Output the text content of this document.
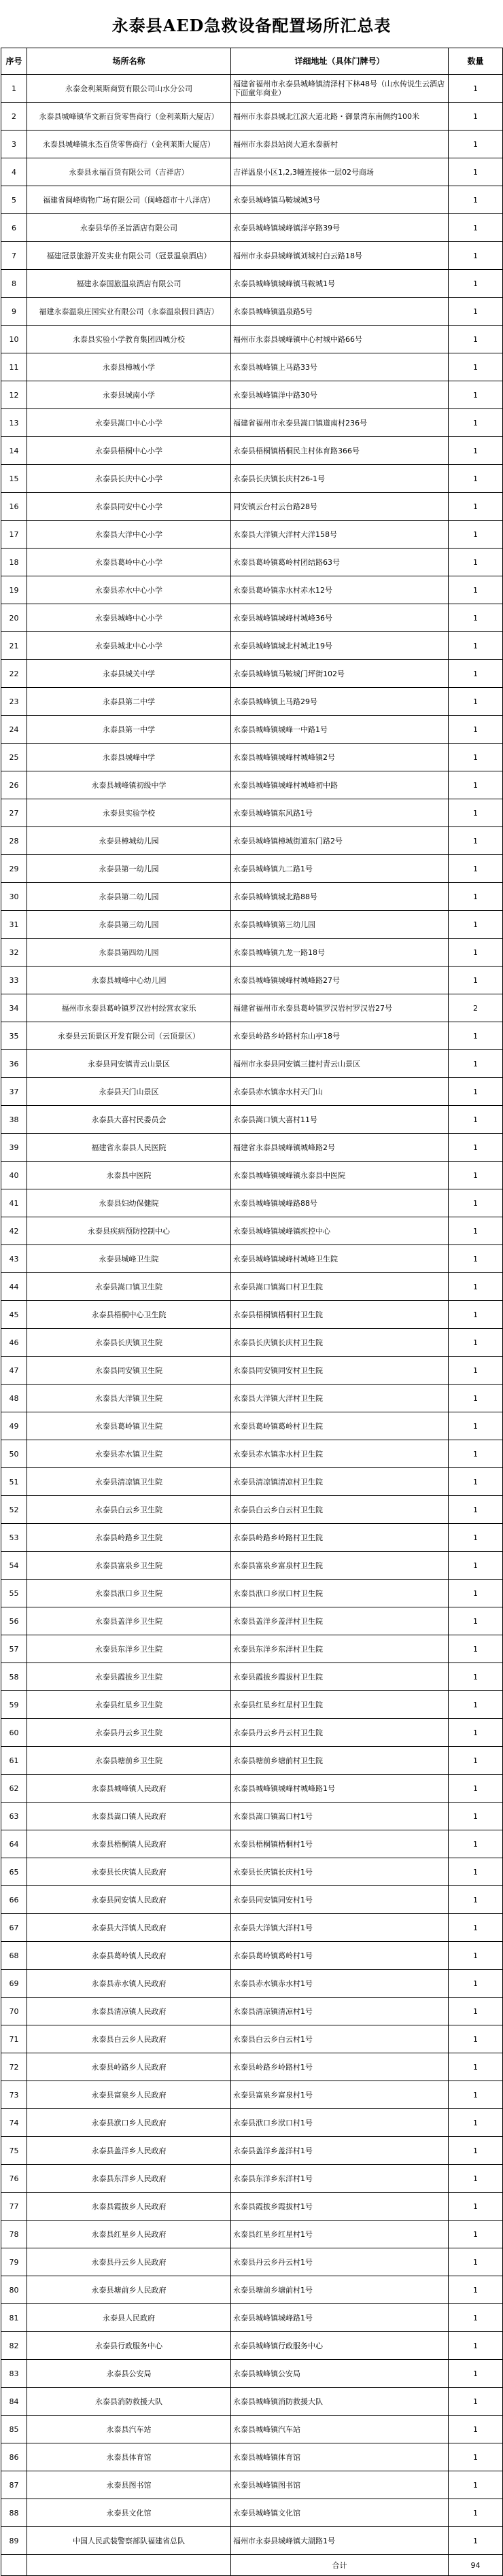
永泰县AED急救设备配置场所汇总表
序号	场所名称	详细地址（具体门牌号）	数量
1	永泰金利莱斯商贸有限公司山水分公司	福建省福州市永泰县城峰镇清泽村下林48号（山水传说生云酒店下面童年商业）	1
2	永泰县城峰镇华文新百货零售商行（金利莱斯大厦店）	福州市永泰县城北江滨大道北路・御景湾东南侧约100米	1
3	永泰县城峰镇永杰百货零售商行（金利莱斯大厦店）	福州市永泰县站岗大道永泰新村	1
4	永泰县永福百货有限公司（吉祥店）	吉祥温泉小区1,2,3幢连接体一层02号商场	1
5	福建省闽峰购物广场有限公司（闽峰超市十八洋店）	永泰县城峰镇马鞍城城3号	1
6	永泰县华侨圣旨酒店有限公司	永泰县城峰镇城峰镇洋亭路39号	1
7	福建冠景旅游开发实业有限公司（冠景温泉酒店）	福州市永泰县城峰镇刘城村白云路18号	1
8	福建永泰国旅温泉酒店有限公司	永泰县城峰镇城峰镇马鞍城1号	1
9	福建永泰温泉庄园实业有限公司（永泰温泉假日酒店）	永泰县城峰镇温泉路5号	1
10	永泰县实验小学教育集团四城分校	福州市永泰县城峰镇中心村城中路66号	1
11	永泰县樟城小学	永泰县城峰镇上马路33号	1
12	永泰县城南小学	永泰县城峰镇洋中路30号	1
13	永泰县嵩口中心小学	福建省福州市永泰县嵩口镇道南村236号	1
14	永泰县梧桐中心小学	永泰县梧桐镇梧桐民主村体育路366号	1
15	永泰县长庆中心小学	永泰县长庆镇长庆村26-1号	1
16	永泰县同安中心小学	同安镇云台村云台路28号	1
17	永泰县大洋中心小学	永泰县大洋镇大洋村大洋158号	1
18	永泰县葛岭中心小学	永泰县葛岭镇葛岭村团结路63号	1
19	永泰县赤水中心小学	永泰县葛岭镇赤水村赤水12号	1
20	永泰县城峰中心小学	永泰县城峰镇城峰村城峰36号	1
21	永泰县城北中心小学	永泰县城峰镇城北村城北19号	1
22	永泰县城关中学	永泰县城峰镇马鞍城门坪街102号	1
23	永泰县第二中学	永泰县城峰镇上马路29号	1
24	永泰县第一中学	永泰县城峰镇城峰一中路1号	1
25	永泰县城峰中学	永泰县城峰镇城峰村城峰镇2号	1
26	永泰县城峰镇初级中学	永泰县城峰镇城峰村城峰初中路	1
27	永泰县实验学校	永泰县城峰镇东风路1号	1
28	永泰县樟城幼儿园	永泰县城峰镇樟城街道东门路2号	1
29	永泰县第一幼儿园	永泰县城峰镇九二路1号	1
30	永泰县第二幼儿园	永泰县城峰镇城北路88号	1
31	永泰县第三幼儿园	永泰县城峰镇第三幼儿园	1
32	永泰县第四幼儿园	永泰县城峰镇九龙一路18号	1
33	永泰县城峰中心幼儿园	永泰县城峰镇城峰村城峰路27号	1
34	福州市永泰县葛岭镇罗汉岩村经营农家乐	福建省福州市永泰县葛岭镇罗汉岩村罗汉岩27号	2
35	永泰县云顶景区开发有限公司（云顶景区）	永泰县岭路乡岭路村东山亭18号	1
36	永泰县同安镇青云山景区	福州市永泰县同安镇三捷村青云山景区	1
37	永泰县天门山景区	永泰县赤水镇赤水村天门山	1
38	永泰县大喜村民委员会	永泰县嵩口镇大喜村11号	1
39	福建省永泰县人民医院	福建省永泰县城峰镇城峰路2号	1
40	永泰县中医院	永泰县城峰镇城峰镇永泰县中医院	1
41	永泰县妇幼保健院	永泰县城峰镇城峰路88号	1
42	永泰县疾病预防控制中心	永泰县城峰镇城峰镇疾控中心	1
43	永泰县城峰卫生院	永泰县城峰镇城峰村城峰卫生院	1
44	永泰县嵩口镇卫生院	永泰县嵩口镇嵩口村卫生院	1
45	永泰县梧桐中心卫生院	永泰县梧桐镇梧桐村卫生院	1
46	永泰县长庆镇卫生院	永泰县长庆镇长庆村卫生院	1
47	永泰县同安镇卫生院	永泰县同安镇同安村卫生院	1
48	永泰县大洋镇卫生院	永泰县大洋镇大洋村卫生院	1
49	永泰县葛岭镇卫生院	永泰县葛岭镇葛岭村卫生院	1
50	永泰县赤水镇卫生院	永泰县赤水镇赤水村卫生院	1
51	永泰县清凉镇卫生院	永泰县清凉镇清凉村卫生院	1
52	永泰县白云乡卫生院	永泰县白云乡白云村卫生院	1
53	永泰县岭路乡卫生院	永泰县岭路乡岭路村卫生院	1
54	永泰县富泉乡卫生院	永泰县富泉乡富泉村卫生院	1
55	永泰县洑口乡卫生院	永泰县洑口乡洑口村卫生院	1
56	永泰县盖洋乡卫生院	永泰县盖洋乡盖洋村卫生院	1
57	永泰县东洋乡卫生院	永泰县东洋乡东洋村卫生院	1
58	永泰县霞拔乡卫生院	永泰县霞拔乡霞拔村卫生院	1
59	永泰县红星乡卫生院	永泰县红星乡红星村卫生院	1
60	永泰县丹云乡卫生院	永泰县丹云乡丹云村卫生院	1
61	永泰县塘前乡卫生院	永泰县塘前乡塘前村卫生院	1
62	永泰县城峰镇人民政府	永泰县城峰镇城峰村城峰路1号	1
63	永泰县嵩口镇人民政府	永泰县嵩口镇嵩口村1号	1
64	永泰县梧桐镇人民政府	永泰县梧桐镇梧桐村1号	1
65	永泰县长庆镇人民政府	永泰县长庆镇长庆村1号	1
66	永泰县同安镇人民政府	永泰县同安镇同安村1号	1
67	永泰县大洋镇人民政府	永泰县大洋镇大洋村1号	1
68	永泰县葛岭镇人民政府	永泰县葛岭镇葛岭村1号	1
69	永泰县赤水镇人民政府	永泰县赤水镇赤水村1号	1
70	永泰县清凉镇人民政府	永泰县清凉镇清凉村1号	1
71	永泰县白云乡人民政府	永泰县白云乡白云村1号	1
72	永泰县岭路乡人民政府	永泰县岭路乡岭路村1号	1
73	永泰县富泉乡人民政府	永泰县富泉乡富泉村1号	1
74	永泰县洑口乡人民政府	永泰县洑口乡洑口村1号	1
75	永泰县盖洋乡人民政府	永泰县盖洋乡盖洋村1号	1
76	永泰县东洋乡人民政府	永泰县东洋乡东洋村1号	1
77	永泰县霞拔乡人民政府	永泰县霞拔乡霞拔村1号	1
78	永泰县红星乡人民政府	永泰县红星乡红星村1号	1
79	永泰县丹云乡人民政府	永泰县丹云乡丹云村1号	1
80	永泰县塘前乡人民政府	永泰县塘前乡塘前村1号	1
81	永泰县人民政府	永泰县城峰镇城峰路1号	1
82	永泰县行政服务中心	永泰县城峰镇行政服务中心	1
83	永泰县公安局	永泰县城峰镇公安局	1
84	永泰县消防救援大队	永泰县城峰镇消防救援大队	1
85	永泰县汽车站	永泰县城峰镇汽车站	1
86	永泰县体育馆	永泰县城峰镇体育馆	1
87	永泰县图书馆	永泰县城峰镇图书馆	1
88	永泰县文化馆	永泰县城峰镇文化馆	1
89	中国人民武装警察部队福建省总队	福州市永泰县城峰镇大湖路1号	1
		合计	94
